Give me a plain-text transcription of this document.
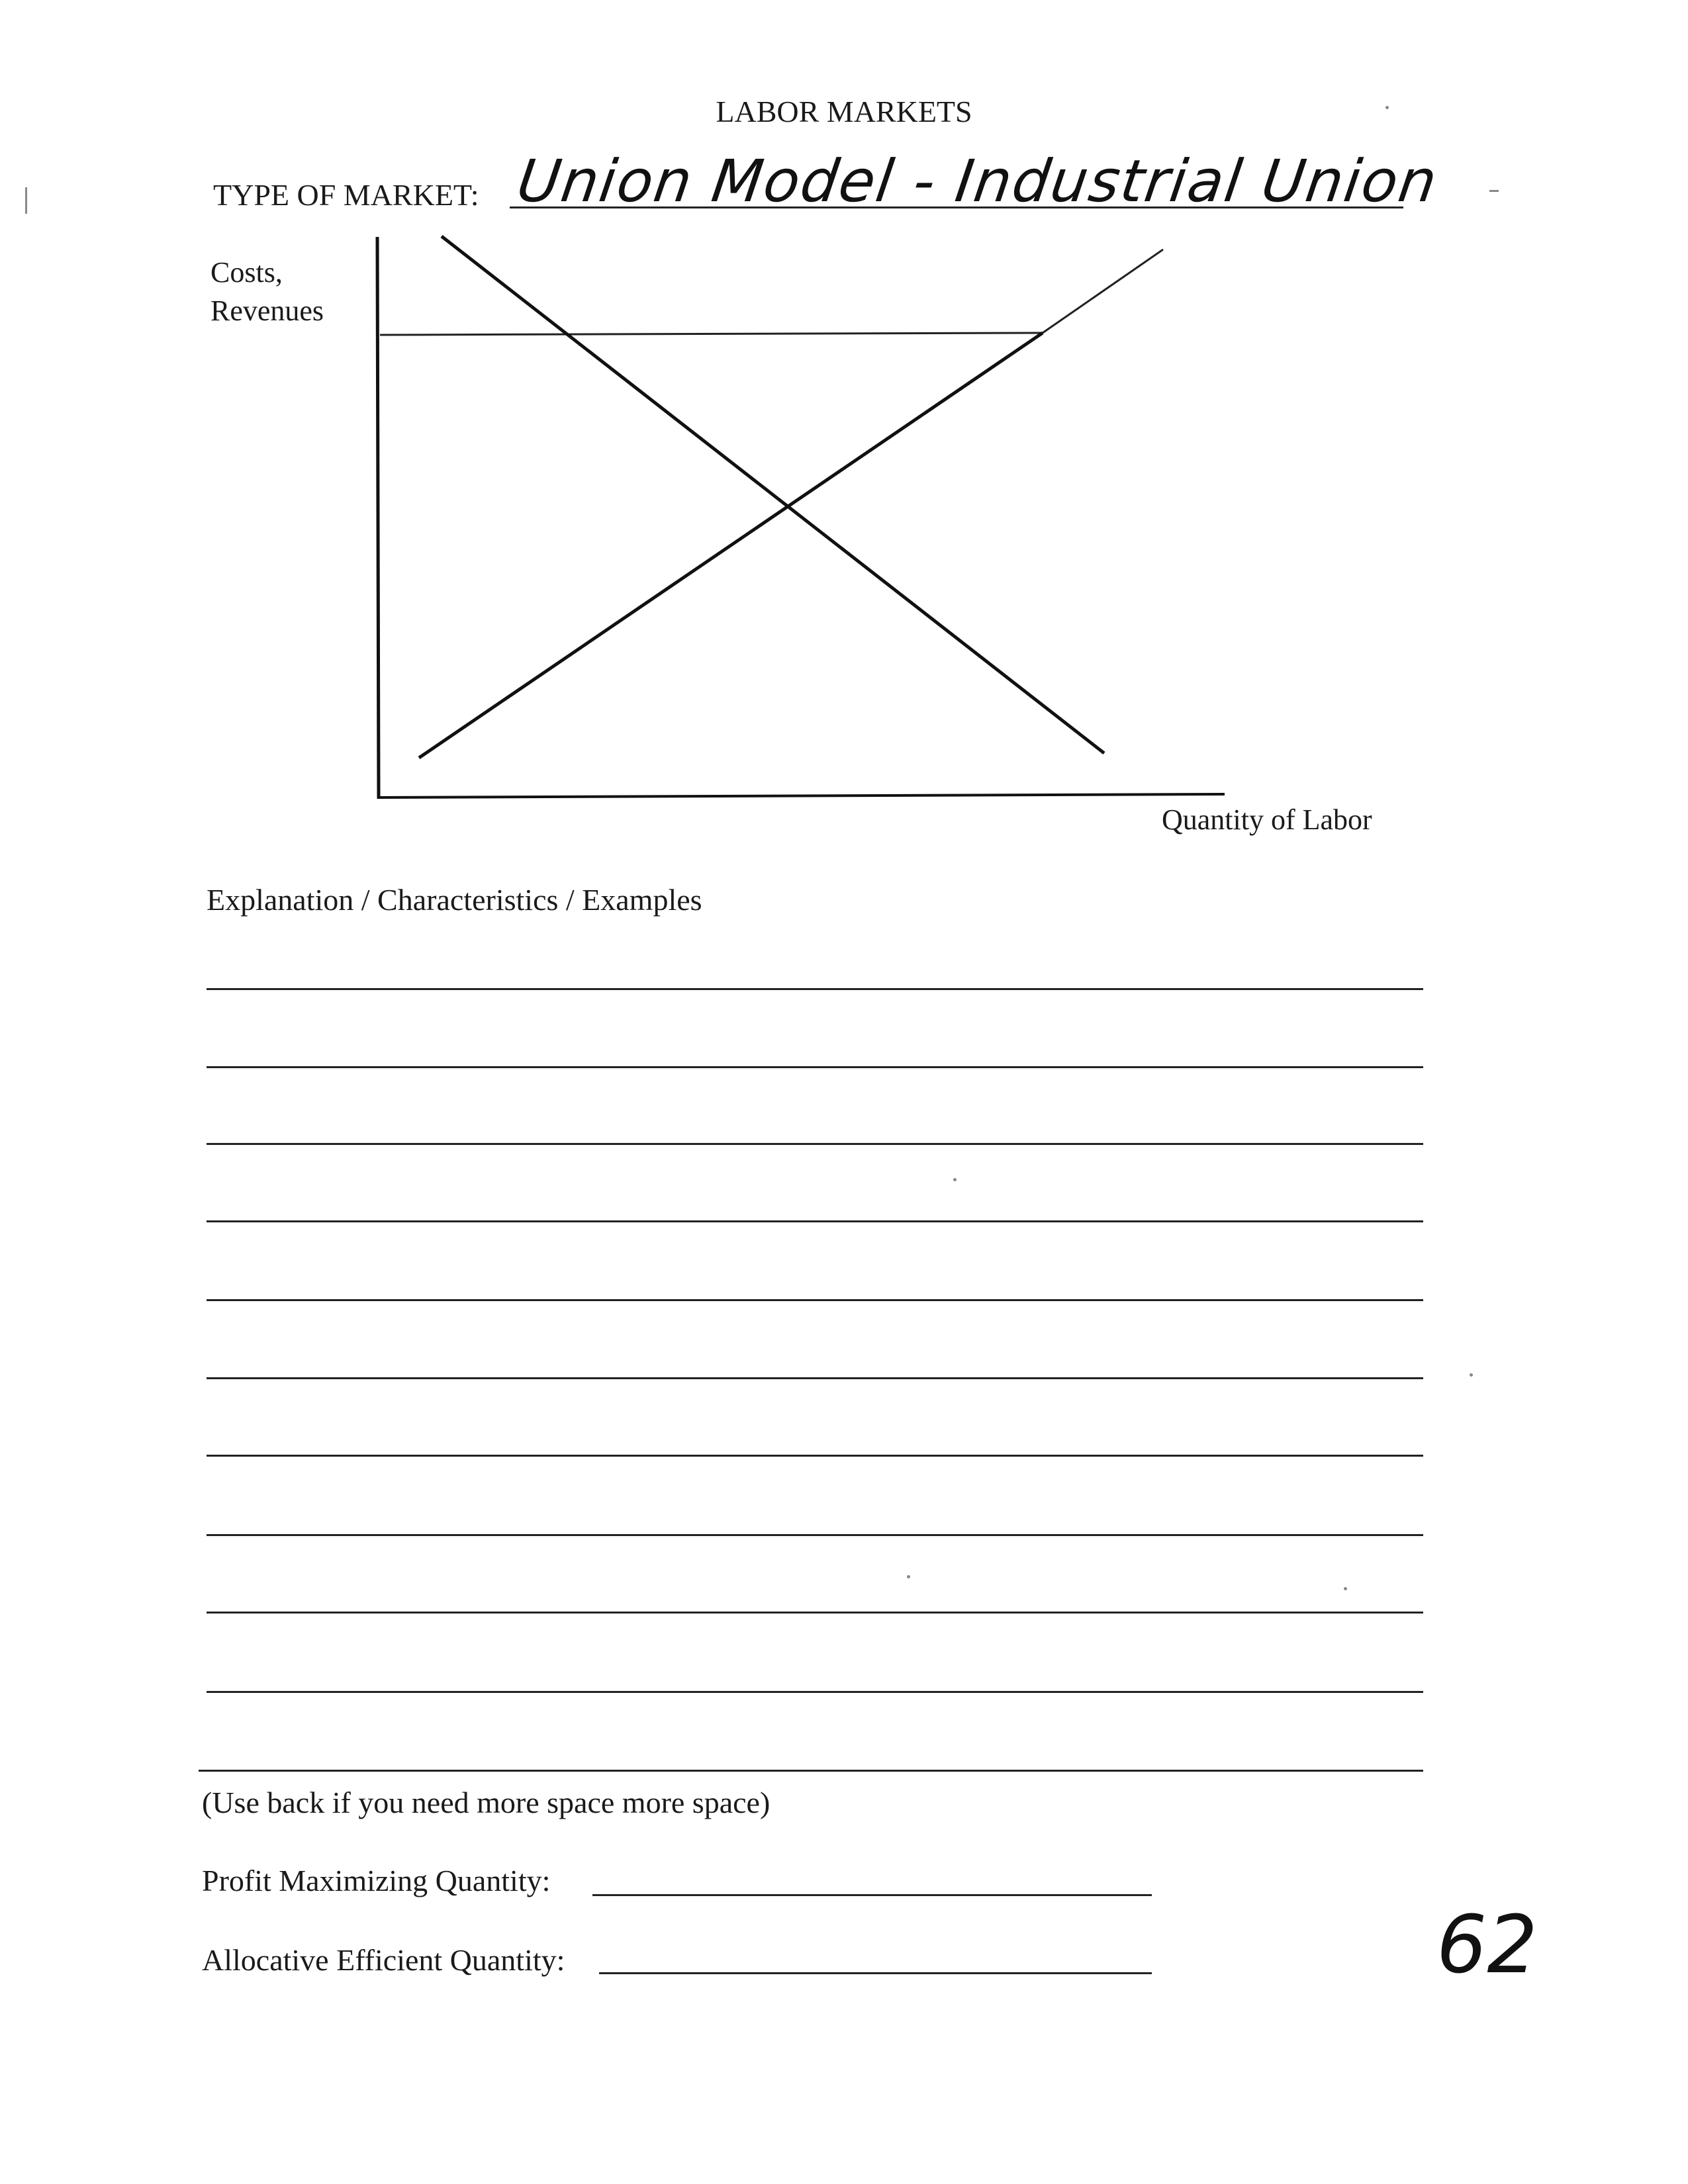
LABOR MARKETS
TYPE OF MARKET: Union Model - Industrial Union
Costs,
Revenues
Quantity of Labor
Explanation / Characteristics / Examples
(Use back if you need more space more space)
Profit Maximizing Quantity:
Allocative Efficient Quantity:	62
